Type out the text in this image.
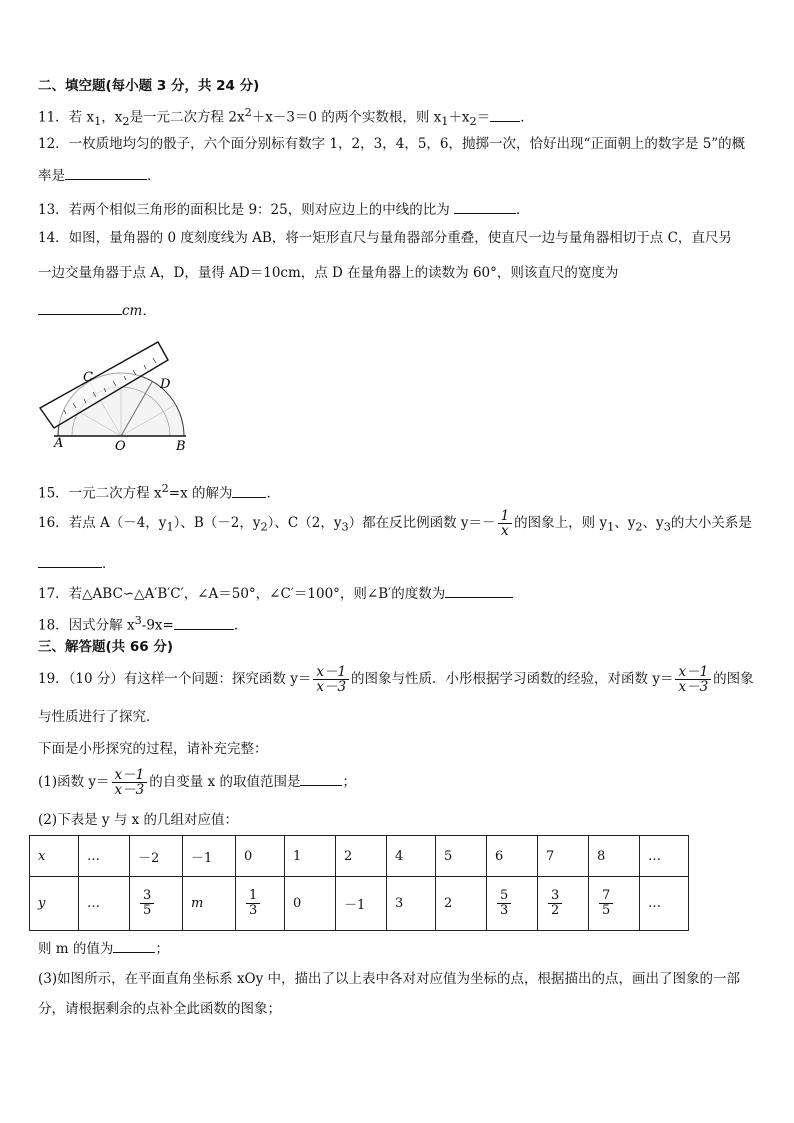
二、填空题(每小题 3 分，共 24 分)
11．若 $x_1$，$x_2$是一元二次方程 $2x^2+x-3=0$ 的两个实数根，则 $x_1+x_2=$ ．
12．一枚质地均匀的骰子，六个面分别标有数字 1，2，3，4，5，6，抛掷一次，恰好出现“正面朝上的数字是 5”的概
率是	．
13．若两个相似三角形的面积比是 9：25，则对应边上的中线的比为	．
14．如图，量角器的 0 度刻度线为 AB，将一矩形直尺与量角器部分重叠，使直尺一边与量角器相切于点 C，直尺另
一边交量角器于点 A，D，量得 AD＝10cm，点 D 在量角器上的读数为 60°，则该直尺的宽度为
cm．
C	D
A	O	B
15．一元二次方程 $x^2=x$ 的解为	．
16．若点 A（－4，$y_1$）、B（－2，$y_2$）、C（2，$y_3$）都在反比例函数 $y=- \frac{1}{x}$ 的图象上，则 $y_1$、$y_2$、$y_3$的大小关系是
．
17．若△ABC∽△A′B′C′，∠A＝50°，∠C′＝100°，则∠B′的度数为
18．因式分解 $x^3-9x=$	．
三、解答题(共 66 分)
19．（10 分）有这样一个问题：探究函数 $y= \frac{x-1}{x-3}$ 的图象与性质．小彤根据学习函数的经验，对函数 $y= \frac{x-1}{x-3}$ 的图象
与性质进行了探究．
下面是小彤探究的过程，请补充完整：
(1)函数 $y= \frac{x-1}{x-3}$ 的自变量 x 的取值范围是	；
(2)下表是 y 与 x 的几组对应值：
x	…	－2	－1	0	1	2	4	5	6	7	8	…
y	…	$\frac{3}{5}$	m	$\frac{1}{3}$	0	－1	3	2	$\frac{5}{3}$	$\frac{3}{2}$	$\frac{7}{5}$	…
则 m 的值为	；
(3)如图所示，在平面直角坐标系 xOy 中，描出了以上表中各对对应值为坐标的点，根据描出的点，画出了图象的一部
分，请根据剩余的点补全此函数的图象；
